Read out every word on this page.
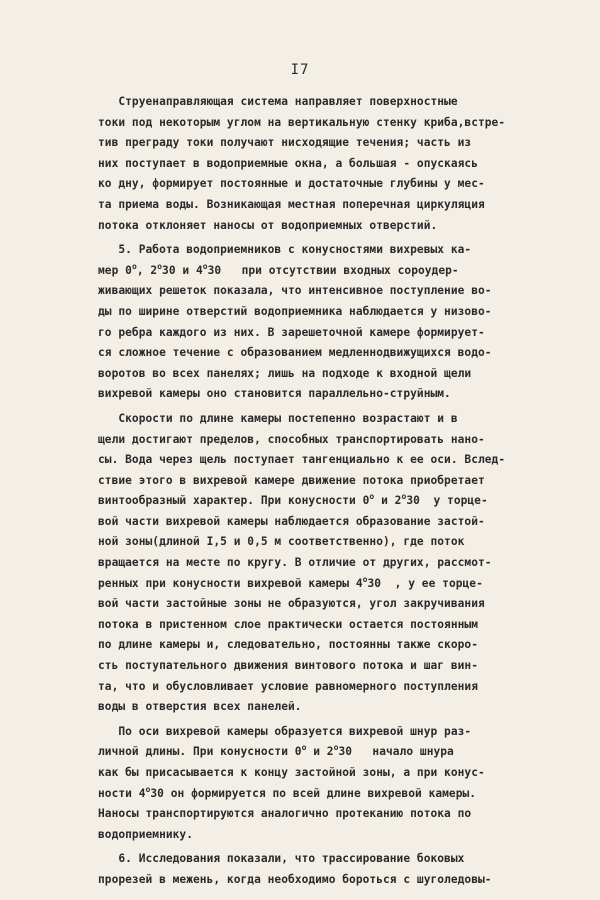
I7
Струенаправляющая система направляет поверхностные
токи под некоторым углом на вертикальную стенку криба,встре-
тив преграду токи получают нисходящие течения; часть из
них поступает в водоприемные окна, а большая - опускаясь
ко дну, формирует постоянные и достаточные глубины у мес-
та приема воды. Возникающая местная поперечная циркуляция
потока отклоняет наносы от водоприемных отверстий.
5. Работа водоприемников с конусностями вихревых ка-
мер $0^о$, $2^о30$ и $4^о30$   при отсутствии входных сороудер-
живающих решеток показала, что интенсивное поступление во-
ды по ширине отверстий водоприемника наблюдается у низово-
го ребра каждого из них. В зарешеточной камере формирует-
ся сложное течение с образованием медленнодвижущихся водо-
воротов во всех панелях; лишь на подходе к входной щели
вихревой камеры оно становится параллельно-струйным.
Скорости по длине камеры постепенно возрастают и в
щели достигают пределов, способных транспортировать нано-
сы. Вода через щель поступает тангенциально к ее оси. Вслед-
ствие этого в вихревой камере движение потока приобретает
винтообразный характер. При конусности $0^о$ и $2^о30$  у торце-
вой части вихревой камеры наблюдается образование застой-
ной зоны(длиной I,5 и 0,5 м соответственно), где поток
вращается на месте по кругу. В отличие от других, рассмот-
ренных при конусности вихревой камеры $4^о30$  , у ее торце-
вой части застойные зоны не образуются, угол закручивания
потока в пристенном слое практически остается постоянным
по длине камеры и, следовательно, постоянны также скоро-
сть поступательного движения винтового потока и шаг вин-
та, что и обусловливает условие равномерного поступления
воды в отверстия всех панелей.
По оси вихревой камеры образуется вихревой шнур раз-
личной длины. При конусности $0^о$ и $2^о30$   начало шнура
как бы присасывается к концу застойной зоны, а при конус-
ности $4^о30$ он формируется по всей длине вихревой камеры.
Наносы транспортируются аналогично протеканию потока по
водоприемнику.
6. Исследования показали, что трассирование боковых
прорезей в межень, когда необходимо бороться с шуголедовы-
